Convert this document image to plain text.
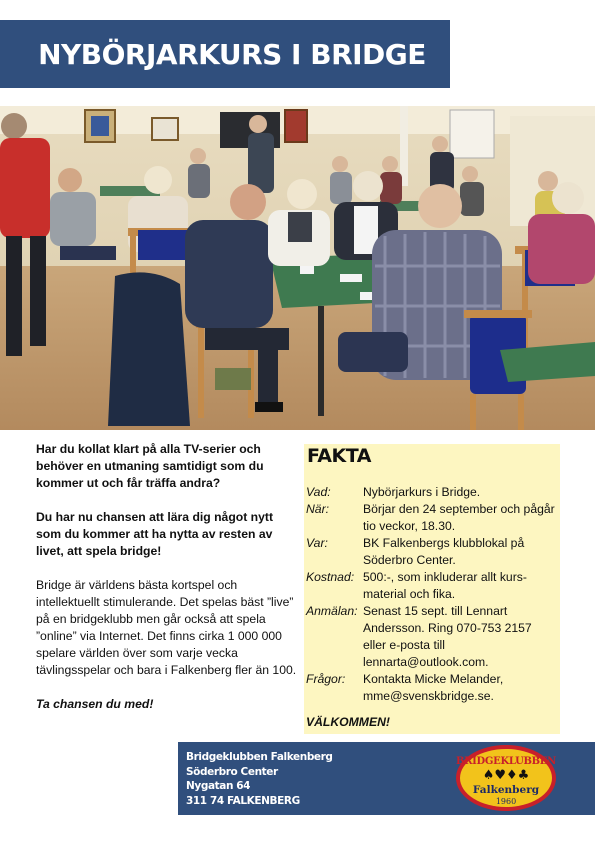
NYBÖRJARKURS I BRIDGE

Har du kollat klart på alla TV-serier och behöver en utmaning samtidigt som du kommer ut och får träffa andra?

Du har nu chansen att lära dig något nytt som du kommer att ha nytta av resten av livet, att spela bridge!

Bridge är världens bästa kortspel och intellektuellt stimulerande. Det spelas bäst ”live” på en bridgeklubb men går också att spela ”online” via Internet. Det finns cirka 1 000 000 spelare världen över som varje vecka tävlingsspelar och bara i Falkenberg fler än 100.

Ta chansen du med!

FAKTA
Vad:	Nybörjarkurs i Bridge.
När:	Börjar den 24 september och pågår tio veckor, 18.30.
Var:	BK Falkenbergs klubblokal på Söderbro Center.
Kostnad:	500:-, som inkluderar allt kurs-material och fika.
Anmälan:	Senast 15 sept. till Lennart Andersson. Ring 070-753 2157 eller e-posta till lennarta@outlook.com.
Frågor:	Kontakta Micke Melander, mme@svenskbridge.se.
VÄLKOMMEN!
Bridgeklubben Falkenberg
Söderbro Center
Nygatan 64
311 74 FALKENBERG
BRIDGEKLUBBEN
♠♥♦♣
Falkenberg
1960
